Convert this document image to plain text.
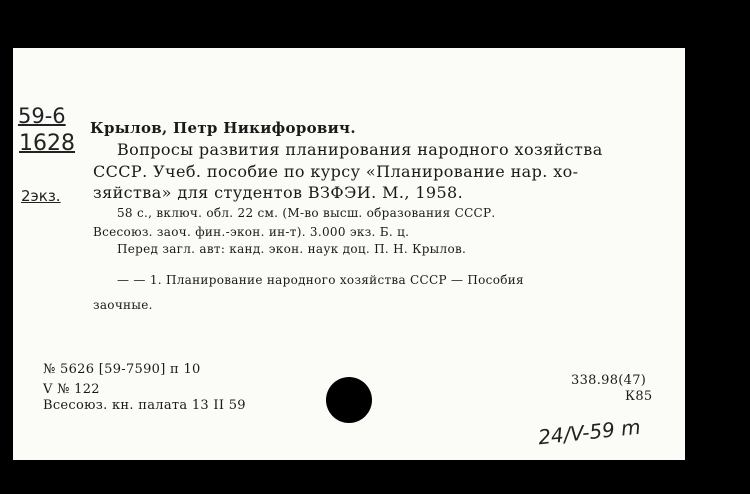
59-6
1628
2экз.
Крылов, Петр Никифорович.
Вопросы развития планирования народного хозяйства
СССР. Учеб. пособие по курсу «Планирование нар. хо-
зяйства» для студентов ВЗФЭИ. М., 1958.
58 с., включ. обл. 22 см. (М-во высш. образования СССР.
Всесоюз. заоч. фин.-экон. ин-т). 3.000 экз. Б. ц.
Перед загл. авт: канд. экон. наук доц. П. Н. Крылов.
— — 1. Планирование народного хозяйства СССР — Пособия
заочные.
№ 5626 [59-7590] п 10
V № 122
Всесоюз. кн. палата 13 II 59
338.98(47)
К85
24/V-59 m
